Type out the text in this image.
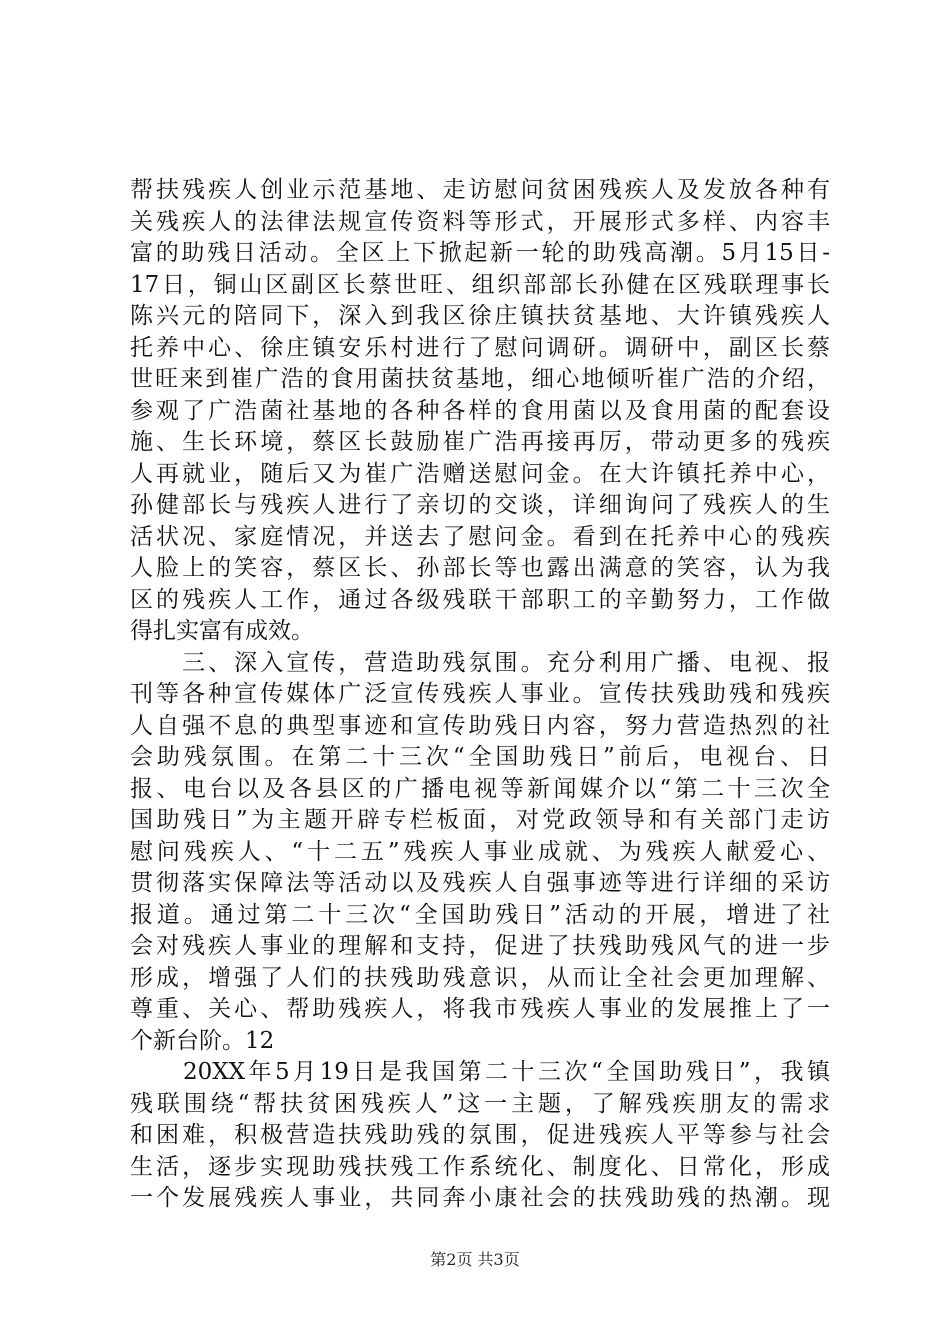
帮扶残疾人创业示范基地、走访慰问贫困残疾人及发放各种有
关残疾人的法律法规宣传资料等形式，开展形式多样、内容丰
富的助残日活动。全区上下掀起新一轮的助残高潮。5月15日-
17日，铜山区副区长蔡世旺、组织部部长孙健在区残联理事长
陈兴元的陪同下，深入到我区徐庄镇扶贫基地、大许镇残疾人
托养中心、徐庄镇安乐村进行了慰问调研。调研中，副区长蔡
世旺来到崔广浩的食用菌扶贫基地，细心地倾听崔广浩的介绍，
参观了广浩菌社基地的各种各样的食用菌以及食用菌的配套设
施、生长环境，蔡区长鼓励崔广浩再接再厉，带动更多的残疾
人再就业，随后又为崔广浩赠送慰问金。在大许镇托养中心，
孙健部长与残疾人进行了亲切的交谈，详细询问了残疾人的生
活状况、家庭情况，并送去了慰问金。看到在托养中心的残疾
人脸上的笑容，蔡区长、孙部长等也露出满意的笑容，认为我
区的残疾人工作，通过各级残联干部职工的辛勤努力，工作做
得扎实富有成效。
　　三、深入宣传，营造助残氛围。充分利用广播、电视、报
刊等各种宣传媒体广泛宣传残疾人事业。宣传扶残助残和残疾
人自强不息的典型事迹和宣传助残日内容，努力营造热烈的社
会助残氛围。在第二十三次“全国助残日”前后，电视台、日
报、电台以及各县区的广播电视等新闻媒介以“第二十三次全
国助残日”为主题开辟专栏板面，对党政领导和有关部门走访
慰问残疾人、“十二五”残疾人事业成就、为残疾人献爱心、
贯彻落实保障法等活动以及残疾人自强事迹等进行详细的采访
报道。通过第二十三次“全国助残日”活动的开展，增进了社
会对残疾人事业的理解和支持，促进了扶残助残风气的进一步
形成，增强了人们的扶残助残意识，从而让全社会更加理解、
尊重、关心、帮助残疾人，将我市残疾人事业的发展推上了一
个新台阶。12
　　20XX年5月19日是我国第二十三次“全国助残日”，我镇
残联围绕“帮扶贫困残疾人”这一主题，了解残疾朋友的需求
和困难，积极营造扶残助残的氛围，促进残疾人平等参与社会
生活，逐步实现助残扶残工作系统化、制度化、日常化，形成
一个发展残疾人事业，共同奔小康社会的扶残助残的热潮。现
第2页 共3页
